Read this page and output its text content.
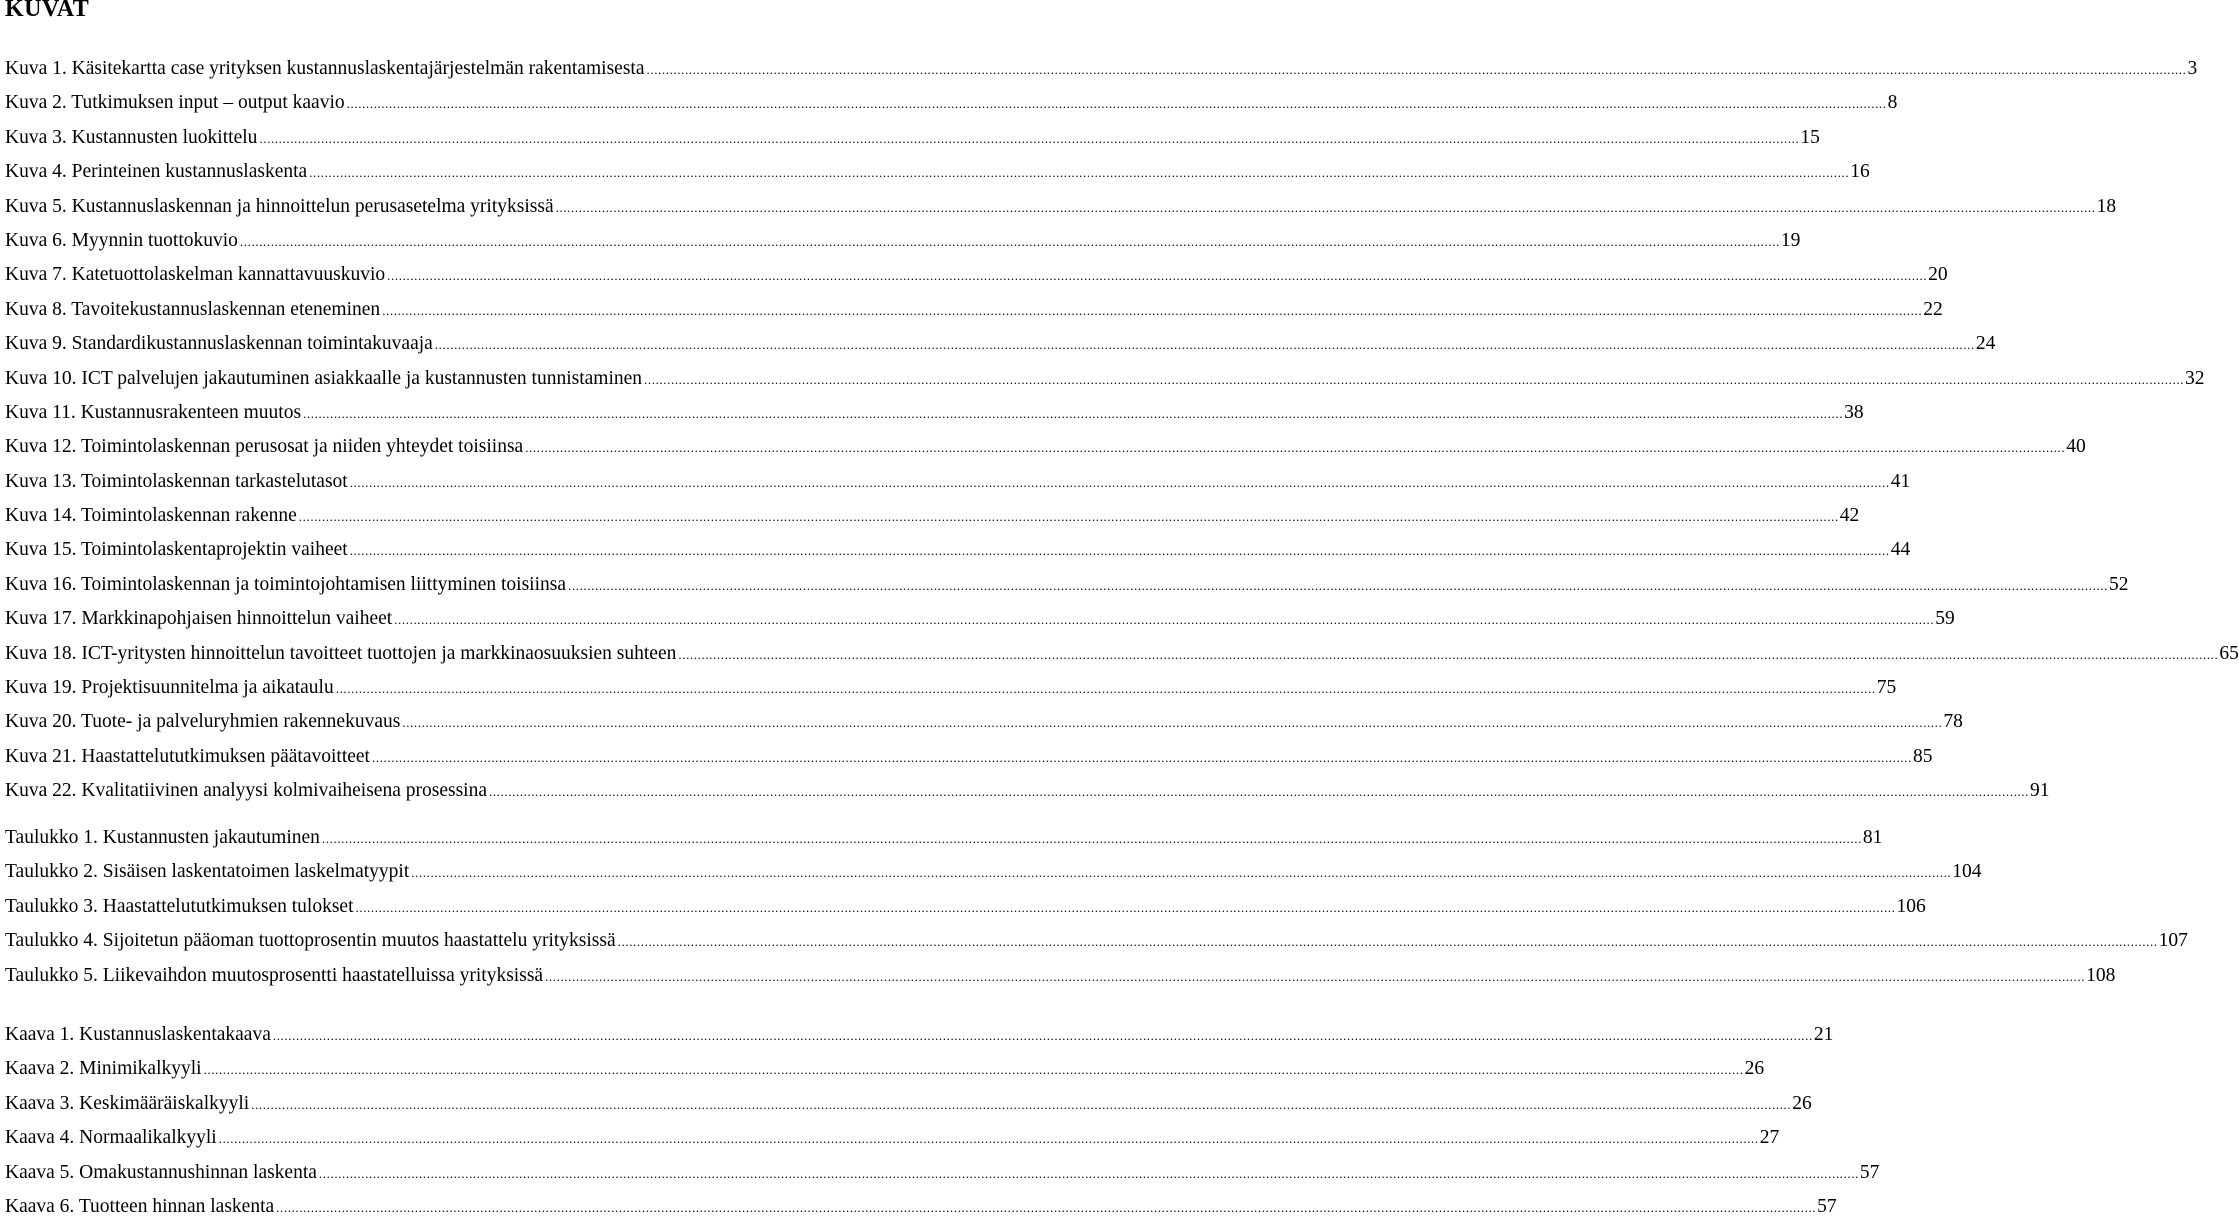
KUVAT
Kuva 1. Käsitekartta case yrityksen kustannuslaskentajärjestelmän rakentamisesta ................................................................................................................................................................................................................................................................................................................................................................................................................ 3
Kuva 2. Tutkimuksen input – output kaavio ................................................................................................................................................................................................................................................................................................................................................................................................................ 8
Kuva 3. Kustannusten luokittelu ................................................................................................................................................................................................................................................................................................................................................................................................................ 15
Kuva 4. Perinteinen kustannuslaskenta ................................................................................................................................................................................................................................................................................................................................................................................................................ 16
Kuva 5. Kustannuslaskennan ja hinnoittelun perusasetelma yrityksissä ................................................................................................................................................................................................................................................................................................................................................................................................................ 18
Kuva 6. Myynnin tuottokuvio ................................................................................................................................................................................................................................................................................................................................................................................................................ 19
Kuva 7. Katetuottolaskelman kannattavuuskuvio ................................................................................................................................................................................................................................................................................................................................................................................................................ 20
Kuva 8. Tavoitekustannuslaskennan eteneminen ................................................................................................................................................................................................................................................................................................................................................................................................................ 22
Kuva 9. Standardikustannuslaskennan toimintakuvaaja ................................................................................................................................................................................................................................................................................................................................................................................................................ 24
Kuva 10. ICT palvelujen jakautuminen asiakkaalle ja kustannusten tunnistaminen ................................................................................................................................................................................................................................................................................................................................................................................................................ 32
Kuva 11. Kustannusrakenteen muutos ................................................................................................................................................................................................................................................................................................................................................................................................................ 38
Kuva 12. Toimintolaskennan perusosat ja niiden yhteydet toisiinsa ................................................................................................................................................................................................................................................................................................................................................................................................................ 40
Kuva 13. Toimintolaskennan tarkastelutasot ................................................................................................................................................................................................................................................................................................................................................................................................................ 41
Kuva 14. Toimintolaskennan rakenne ................................................................................................................................................................................................................................................................................................................................................................................................................ 42
Kuva 15. Toimintolaskentaprojektin vaiheet ................................................................................................................................................................................................................................................................................................................................................................................................................ 44
Kuva 16. Toimintolaskennan ja toimintojohtamisen liittyminen toisiinsa ................................................................................................................................................................................................................................................................................................................................................................................................................ 52
Kuva 17. Markkinapohjaisen hinnoittelun vaiheet ................................................................................................................................................................................................................................................................................................................................................................................................................ 59
Kuva 18. ICT-yritysten hinnoittelun tavoitteet tuottojen ja markkinaosuuksien suhteen ................................................................................................................................................................................................................................................................................................................................................................................................................ 65
Kuva 19. Projektisuunnitelma ja aikataulu ................................................................................................................................................................................................................................................................................................................................................................................................................ 75
Kuva 20. Tuote- ja palveluryhmien rakennekuvaus ................................................................................................................................................................................................................................................................................................................................................................................................................ 78
Kuva 21. Haastattelututkimuksen päätavoitteet ................................................................................................................................................................................................................................................................................................................................................................................................................ 85
Kuva 22. Kvalitatiivinen analyysi kolmivaiheisena prosessina ................................................................................................................................................................................................................................................................................................................................................................................................................ 91
Taulukko 1. Kustannusten jakautuminen ................................................................................................................................................................................................................................................................................................................................................................................................................ 81
Taulukko 2. Sisäisen laskentatoimen laskelmatyypit ................................................................................................................................................................................................................................................................................................................................................................................................................ 104
Taulukko 3. Haastattelututkimuksen tulokset ................................................................................................................................................................................................................................................................................................................................................................................................................ 106
Taulukko 4. Sijoitetun pääoman tuottoprosentin muutos haastattelu yrityksissä ................................................................................................................................................................................................................................................................................................................................................................................................................ 107
Taulukko 5. Liikevaihdon muutosprosentti haastatelluissa yrityksissä ................................................................................................................................................................................................................................................................................................................................................................................................................ 108
Kaava 1. Kustannuslaskentakaava ................................................................................................................................................................................................................................................................................................................................................................................................................ 21
Kaava 2. Minimikalkyyli ................................................................................................................................................................................................................................................................................................................................................................................................................ 26
Kaava 3. Keskimääräiskalkyyli ................................................................................................................................................................................................................................................................................................................................................................................................................ 26
Kaava 4. Normaalikalkyyli ................................................................................................................................................................................................................................................................................................................................................................................................................ 27
Kaava 5. Omakustannushinnan laskenta ................................................................................................................................................................................................................................................................................................................................................................................................................ 57
Kaava 6. Tuotteen hinnan laskenta ................................................................................................................................................................................................................................................................................................................................................................................................................ 57
